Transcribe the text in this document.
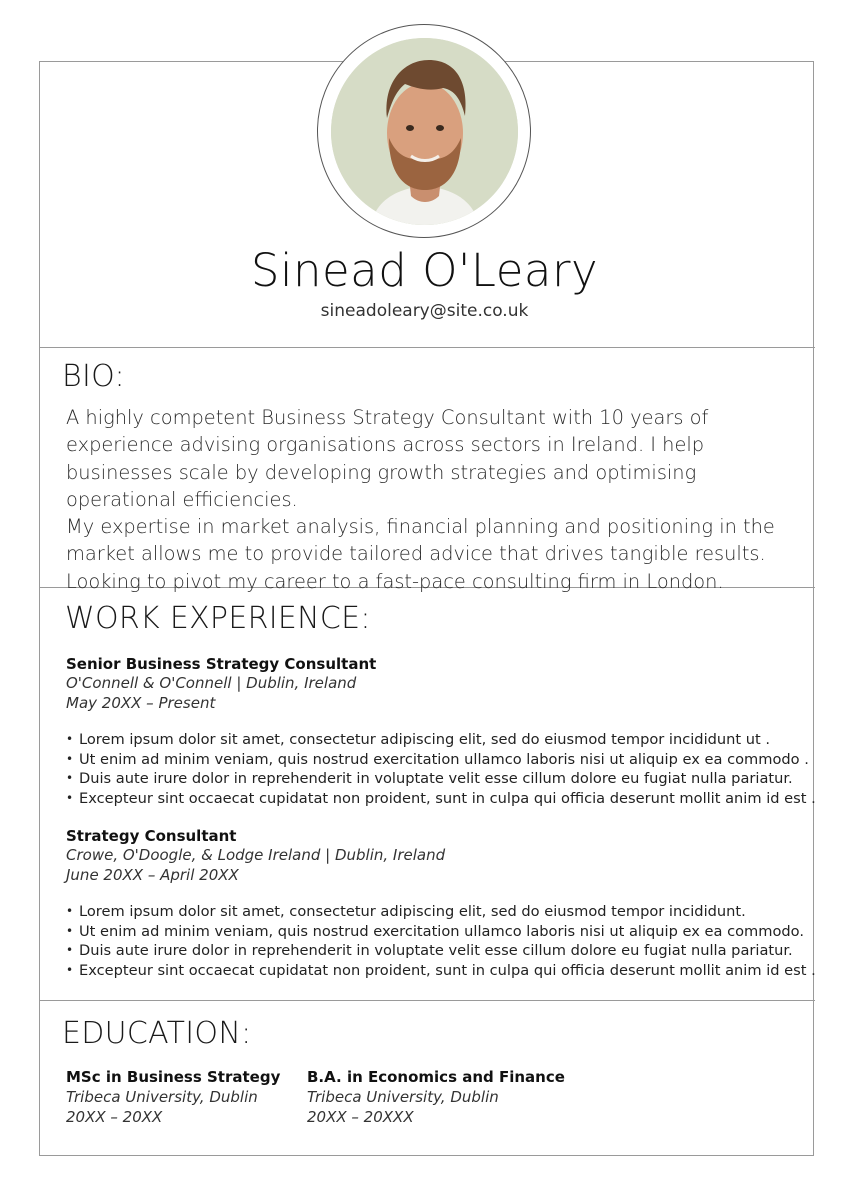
Sinead O'Leary
sineadoleary@site.co.uk
BIO:

A highly competent Business Strategy Consultant with 10 years of experience advising organisations across sectors in Ireland. I help businesses scale by developing growth strategies and optimising operational efficiencies.

My expertise in market analysis, financial planning and positioning in the market allows me to provide tailored advice that drives tangible results.

Looking to pivot my career to a fast-pace consulting firm in London.

WORK EXPERIENCE:
Senior Business Strategy Consultant
O'Connell & O'Connell | Dublin, Ireland
May 20XX – Present
• Lorem ipsum dolor sit amet, consectetur adipiscing elit, sed do eiusmod tempor incididunt ut .
• Ut enim ad minim veniam, quis nostrud exercitation ullamco laboris nisi ut aliquip ex ea commodo .
• Duis aute irure dolor in reprehenderit in voluptate velit esse cillum dolore eu fugiat nulla pariatur.
• Excepteur sint occaecat cupidatat non proident, sunt in culpa qui officia deserunt mollit anim id est .
Strategy Consultant
Crowe, O'Doogle, & Lodge Ireland | Dublin, Ireland
June 20XX – April 20XX
• Lorem ipsum dolor sit amet, consectetur adipiscing elit, sed do eiusmod tempor incididunt.
• Ut enim ad minim veniam, quis nostrud exercitation ullamco laboris nisi ut aliquip ex ea commodo.
• Duis aute irure dolor in reprehenderit in voluptate velit esse cillum dolore eu fugiat nulla pariatur.
• Excepteur sint occaecat cupidatat non proident, sunt in culpa qui officia deserunt mollit anim id est .
EDUCATION:
MSc in Business Strategy
Tribeca University, Dublin
20XX – 20XX
B.A. in Economics and Finance
Tribeca University, Dublin
20XX – 20XXX
